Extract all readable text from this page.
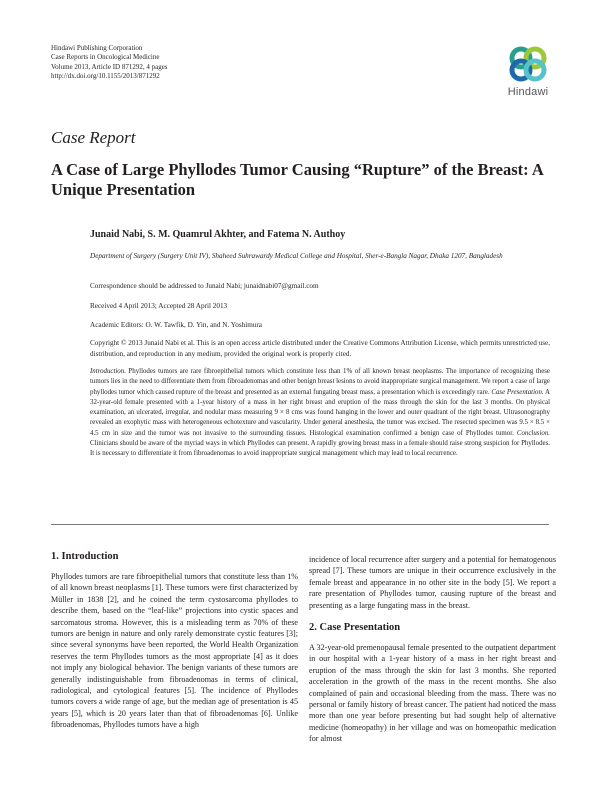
Hindawi Publishing Corporation
Case Reports in Oncological Medicine
Volume 2013, Article ID 871292, 4 pages
http://dx.doi.org/10.1155/2013/871292
Hindawi
Case Report
A Case of Large Phyllodes Tumor Causing “Rupture” of the Breast: A Unique Presentation
Junaid Nabi, S. M. Quamrul Akhter, and Fatema N. Authoy
Department of Surgery (Surgery Unit IV), Shaheed Suhrawardy Medical College and Hospital, Sher-e-Bangla Nagar, Dhaka 1207, Bangladesh
Correspondence should be addressed to Junaid Nabi; junaidnabi07@gmail.com
Received 4 April 2013; Accepted 28 April 2013
Academic Editors: O. W. Tawfik, D. Yin, and N. Yoshimura
Copyright © 2013 Junaid Nabi et al. This is an open access article distributed under the Creative Commons Attribution License, which permits unrestricted use, distribution, and reproduction in any medium, provided the original work is properly cited.
Introduction. Phyllodes tumors are rare fibroepithelial tumors which constitute less than 1% of all known breast neoplasms. The importance of recognizing these tumors lies in the need to differentiate them from fibroadenomas and other benign breast lesions to avoid inappropriate surgical management. We report a case of large phyllodes tumor which caused rupture of the breast and presented as an external fungating breast mass, a presentation which is exceedingly rare. Case Presentation. A 32-year-old female presented with a 1-year history of a mass in her right breast and eruption of the mass through the skin for the last 3 months. On physical examination, an ulcerated, irregular, and nodular mass measuring 9 × 8 cms was found hanging in the lower and outer quadrant of the right breast. Ultrasonography revealed an exophytic mass with heterogeneous echotexture and vascularity. Under general anesthesia, the tumor was excised. The resected specimen was 9.5 × 8.5 × 4.5 cm in size and the tumor was not invasive to the surrounding tissues. Histological examination confirmed a benign case of Phyllodes tumor. Conclusion. Clinicians should be aware of the myriad ways in which Phyllodes can present. A rapidly growing breast mass in a female should raise strong suspicion for Phyllodes. It is necessary to differentiate it from fibroadenomas to avoid inappropriate surgical management which may lead to local recurrence.
1. Introduction

Phyllodes tumors are rare fibroepithelial tumors that constitute less than 1% of all known breast neoplasms [1]. These tumors were first characterized by Müller in 1838 [2], and he coined the term cystosarcoma phyllodes to describe them, based on the “leaf-like” projections into cystic spaces and sarcomatous stroma. However, this is a misleading term as 70% of these tumors are benign in nature and only rarely demonstrate cystic features [3]; since several synonyms have been reported, the World Health Organization reserves the term Phyllodes tumors as the most appropriate [4] as it does not imply any biological behavior. The benign variants of these tumors are generally indistinguishable from fibroadenomas in terms of clinical, radiological, and cytological features [5]. The incidence of Phyllodes tumors covers a wide range of age, but the median age of presentation is 45 years [5], which is 20 years later than that of fibroadenomas [6]. Unlike fibroadenomas, Phyllodes tumors have a high

incidence of local recurrence after surgery and a potential for hematogenous spread [7]. These tumors are unique in their occurrence exclusively in the female breast and appearance in no other site in the body [5]. We report a rare presentation of Phyllodes tumor, causing rupture of the breast and presenting as a large fungating mass in the breast.

2. Case Presentation

A 32-year-old premenopausal female presented to the outpatient department in our hospital with a 1-year history of a mass in her right breast and eruption of the mass through the skin for last 3 months. She reported acceleration in the growth of the mass in the recent months. She also complained of pain and occasional bleeding from the mass. There was no personal or family history of breast cancer. The patient had noticed the mass more than one year before presenting but had sought help of alternative medicine (homeopathy) in her village and was on homeopathic medication for almost
